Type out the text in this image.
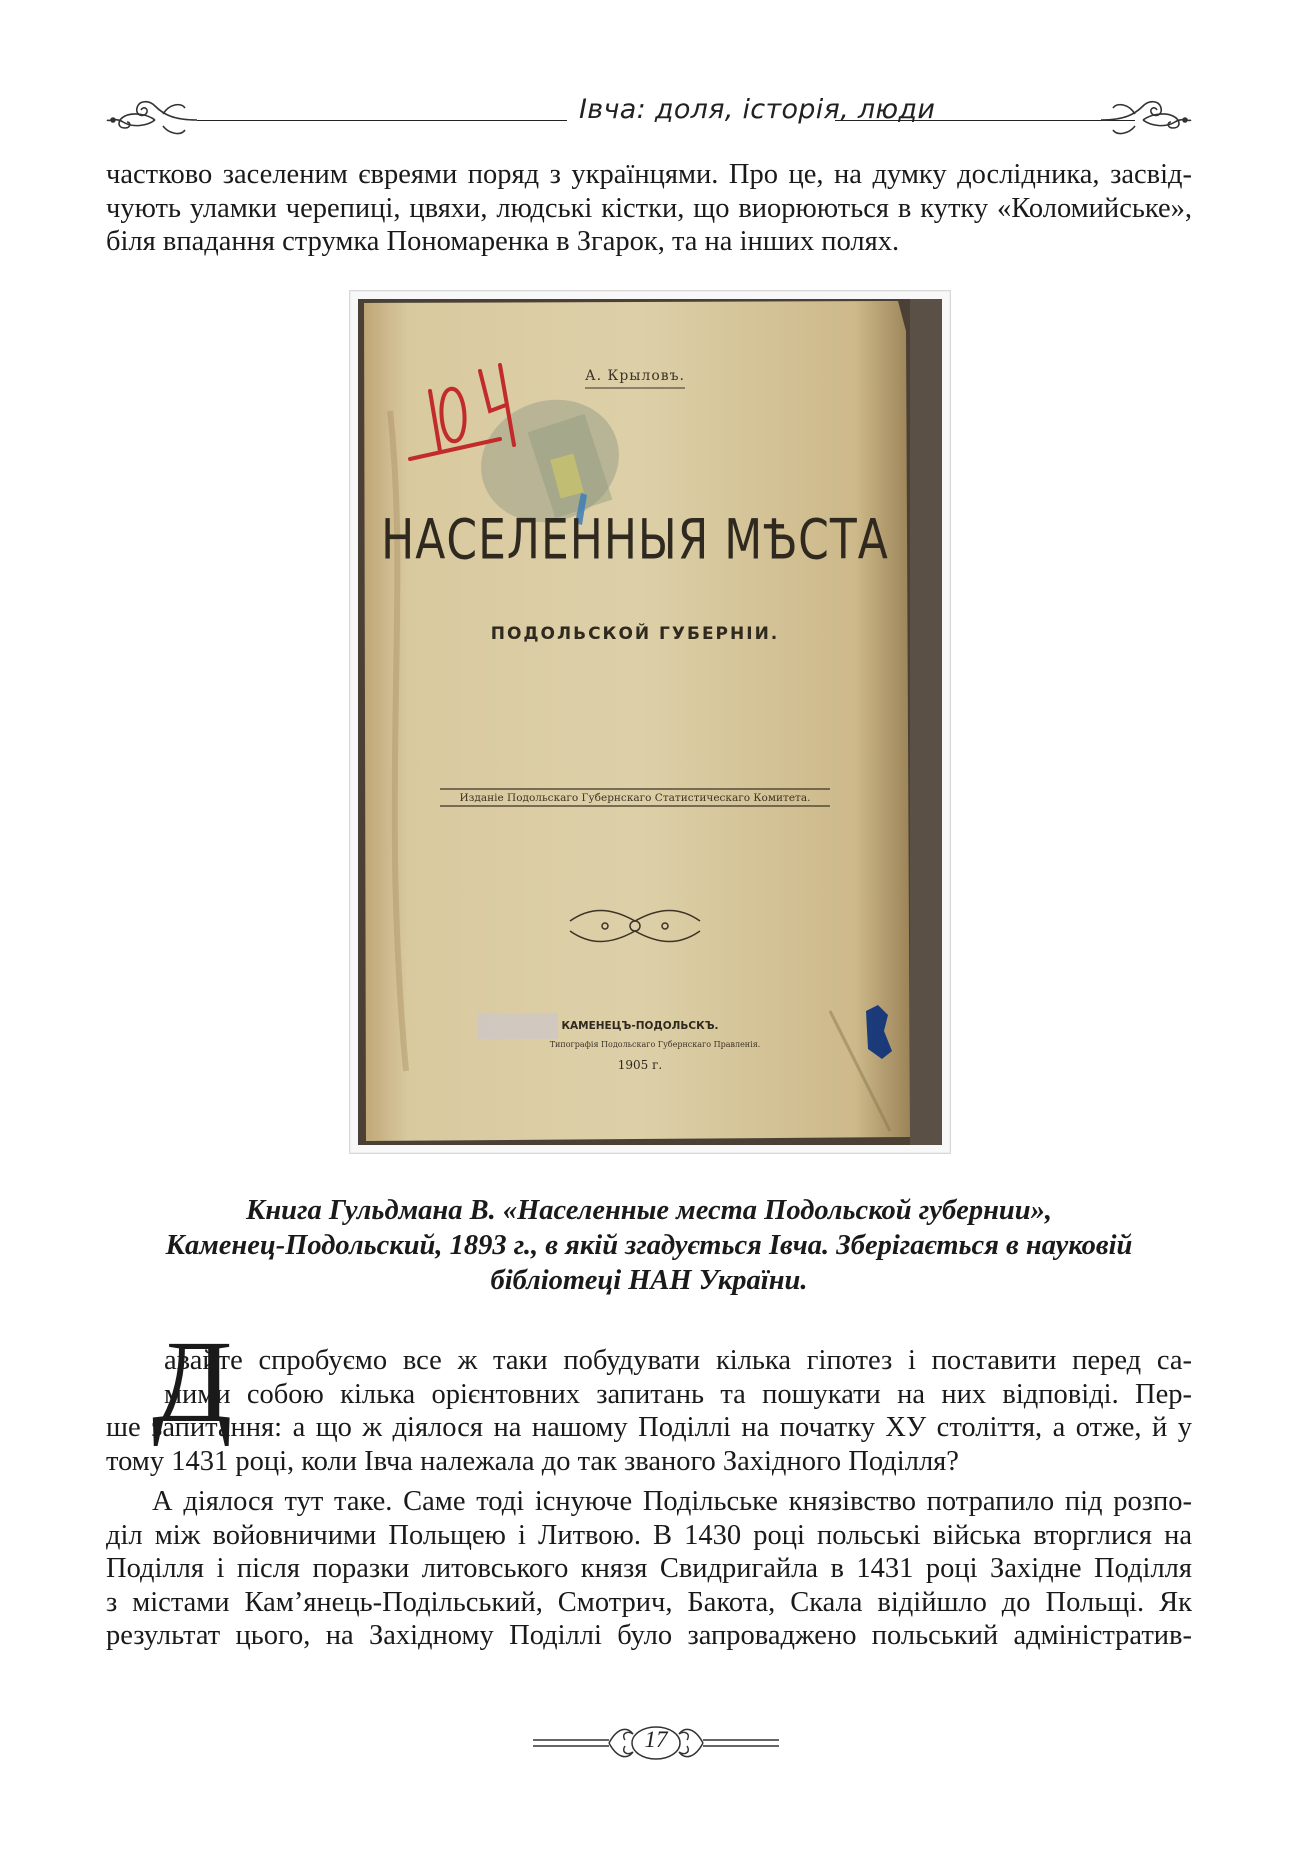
Івча: доля, історія, люди
частково заселеним євреями поряд з українцями. Про це, на думку дослідника, засвід-
чують уламки черепиці, цвяхи, людські кістки, що виорюються в кутку «Коломийське»,
біля впадання струмка Пономаренка в Згарок, та на інших полях.
А. Крыловъ.
НАСЕЛЕННЫЯ МѢСТА
ПОДОЛЬСКОЙ ГУБЕРНІИ.
Изданіе Подольскаго Губернскаго Статистическаго Комитета.
КАМЕНЕЦЪ-ПОДОЛЬСКЪ.
Типографія Подольскаго Губернскаго Правленія.
1905 г.
Книга Гульдмана В. «Населенные места Подольской губернии»,
Каменец-Подольский, 1893 г., в якій згадується Івча. Зберігається в науковій
бібліотеці НАН України.
Д
авайте спробуємо все ж таки побудувати кілька гіпотез і поставити перед са-
мими собою кілька орієнтовних запитань та пошукати на них відповіді. Пер-
ше запитання: а що ж діялося на нашому Поділлі на початку ХУ століття, а отже, й у
тому 1431 році, коли Івча належала до так званого Західного Поділля?
А діялося тут таке. Саме тоді існуюче Подільське князівство потрапило під розпо-
діл між войовничими Польщею і Литвою. В 1430 році польські війська вторглися на
Поділля і після поразки литовського князя Свидригайла в 1431 році Західне Поділля
з містами Кам’янець-Подільський, Смотрич, Бакота, Скала відійшло до Польщі. Як
результат цього, на Західному Поділлі було запроваджено польський адміністратив-
17
